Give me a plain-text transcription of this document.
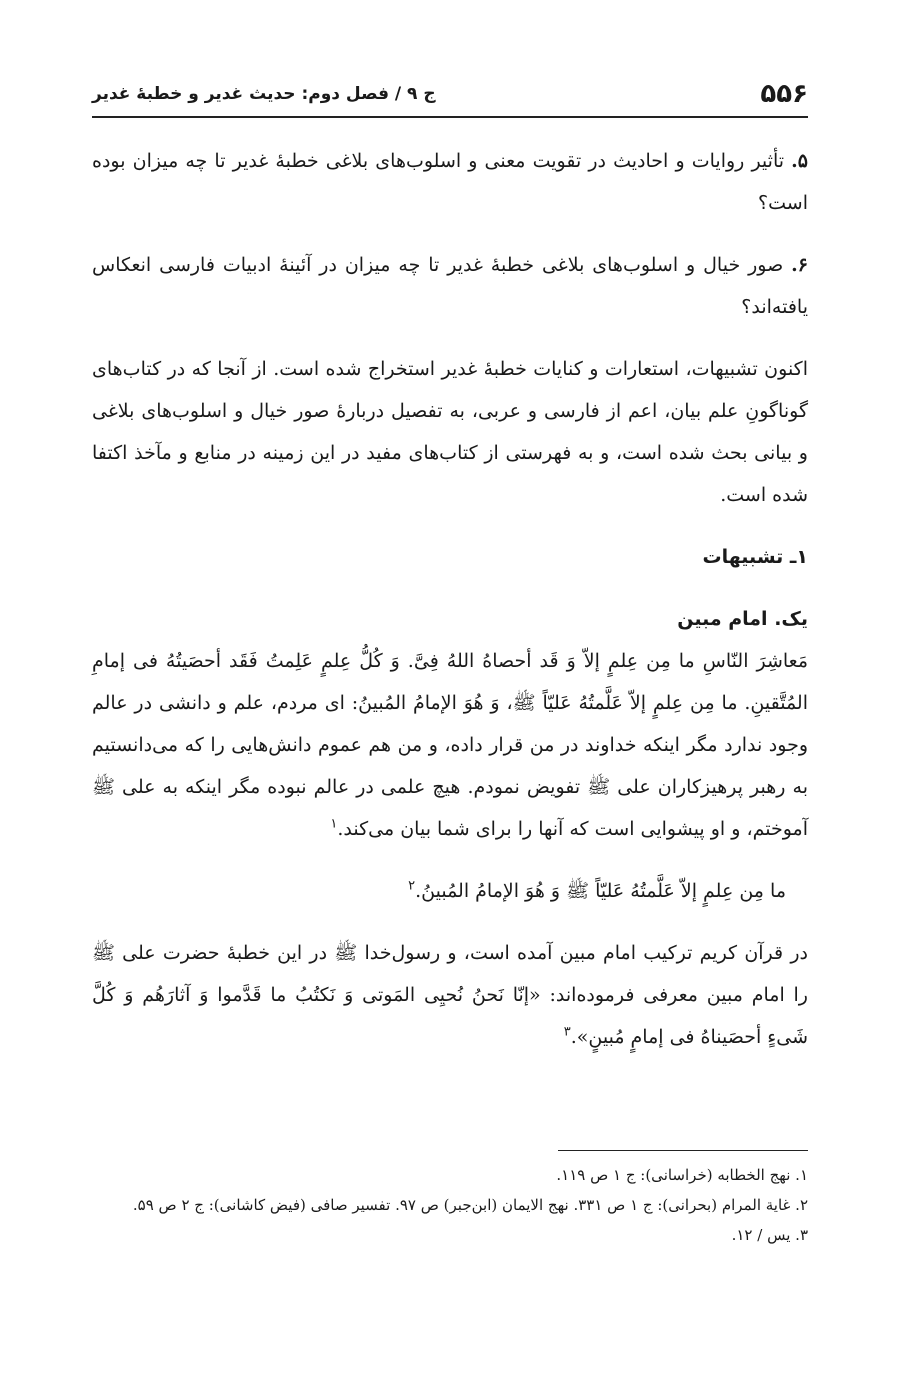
۵۵۶
ج ۹ / فصل دوم: حدیث غدیر و خطبهٔ غدیر

۵. تأثیر روایات و احادیث در تقویت معنی و اسلوب‌های بلاغی خطبهٔ غدیر تا چه میزان بوده است؟

۶. صور خیال و اسلوب‌های بلاغی خطبهٔ غدیر تا چه میزان در آئینهٔ ادبیات فارسی انعکاس یافته‌اند؟

اکنون تشبیهات، استعارات و کنایات خطبهٔ غدیر استخراج شده است. از آنجا که در کتاب‌های گوناگونِ علم بیان، اعم از فارسی و عربی، به تفصیل دربارهٔ صور خیال و اسلوب‌های بلاغی و بیانی بحث شده است، و به فهرستی از کتاب‌های مفید در این زمینه در منابع و مآخذ اکتفا شده است.

۱ـ تشبیهات
یک. امام مبین

مَعاشِرَ النّاسِ ما مِن عِلمٍ إلاّ وَ قَد أحصاهُ اللهُ فِیَّ. وَ کُلُّ عِلمٍ عَلِمتُ فَقَد أحصَیتُهُ فی إمامِ المُتَّقینِ. ما مِن عِلمٍ إلاّ عَلَّمتُهُ عَلیّاً ﷺ، وَ هُوَ الإمامُ المُبینُ: ای مردم، علم و دانشی در عالم وجود ندارد مگر اینکه خداوند در من قرار داده، و من هم عموم دانش‌هایی را که می‌دانستیم به رهبر پرهیزکاران علی ﷺ تفویض نمودم. هیچ علمی در عالم نبوده مگر اینکه به علی ﷺ آموختم، و او پیشوایی است که آنها را برای شما بیان می‌کند.$^۱$

ما مِن عِلمٍ إلاّ عَلَّمتُهُ عَلیّاً ﷺ وَ هُوَ الإمامُ المُبینُ.$^۲$

در قرآن کریم ترکیب امام مبین آمده است، و رسول‌خدا ﷺ در این خطبهٔ حضرت علی ﷺ را امام مبین معرفی فرموده‌اند: «إنّا نَحنُ نُحیِی المَوتی وَ نَکتُبُ ما قَدَّموا وَ آثارَهُم وَ کُلَّ شَیءٍ أحصَیناهُ فی إمامٍ مُبینٍ».$^۳$

۱. نهج الخطابه (خراسانی): ج ۱ ص ۱۱۹.

۲. غایة المرام (بحرانی): ج ۱ ص ۳۳۱. نهج الایمان (ابن‌جبر) ص ۹۷. تفسیر صافی (فیض کاشانی): ج ۲ ص ۵۹.

۳. یس / ۱۲.
